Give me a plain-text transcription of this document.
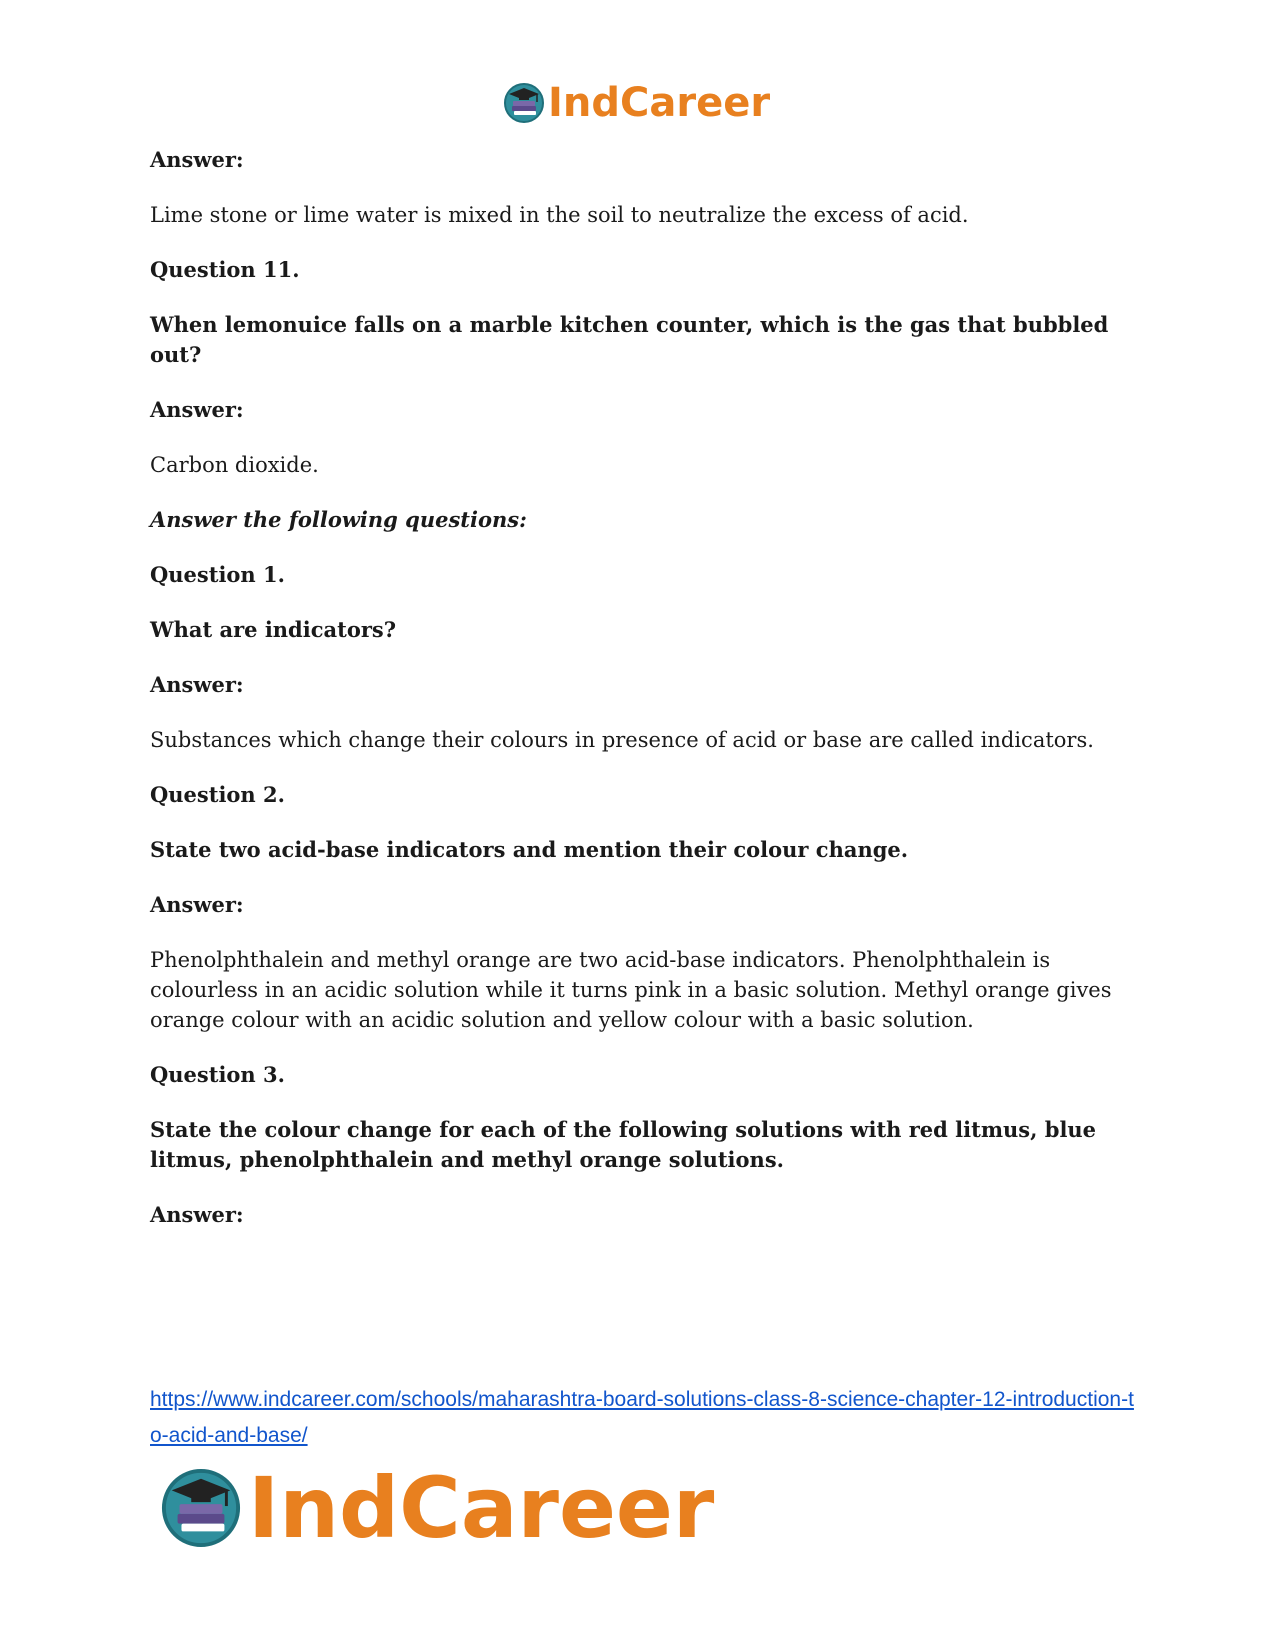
IndCareer

Answer:

Lime stone or lime water is mixed in the soil to neutralize the excess of acid.

Question 11.

When lemonuice falls on a marble kitchen counter, which is the gas that bubbled out?

Answer:

Carbon dioxide.

Answer the following questions:

Question 1.

What are indicators?

Answer:

Substances which change their colours in presence of acid or base are called indicators.

Question 2.

State two acid-base indicators and mention their colour change.

Answer:

Phenolphthalein and methyl orange are two acid-base indicators. Phenolphthalein is colourless in an acidic solution while it turns pink in a basic solution. Methyl orange gives orange colour with an acidic solution and yellow colour with a basic solution.

Question 3.

State the colour change for each of the following solutions with red litmus, blue litmus, phenolphthalein and methyl orange solutions.

Answer:

https://www.indcareer.com/schools/maharashtra-board-solutions-class-8-science-chapter-12-introduction-to-acid-and-base/
IndCareer
